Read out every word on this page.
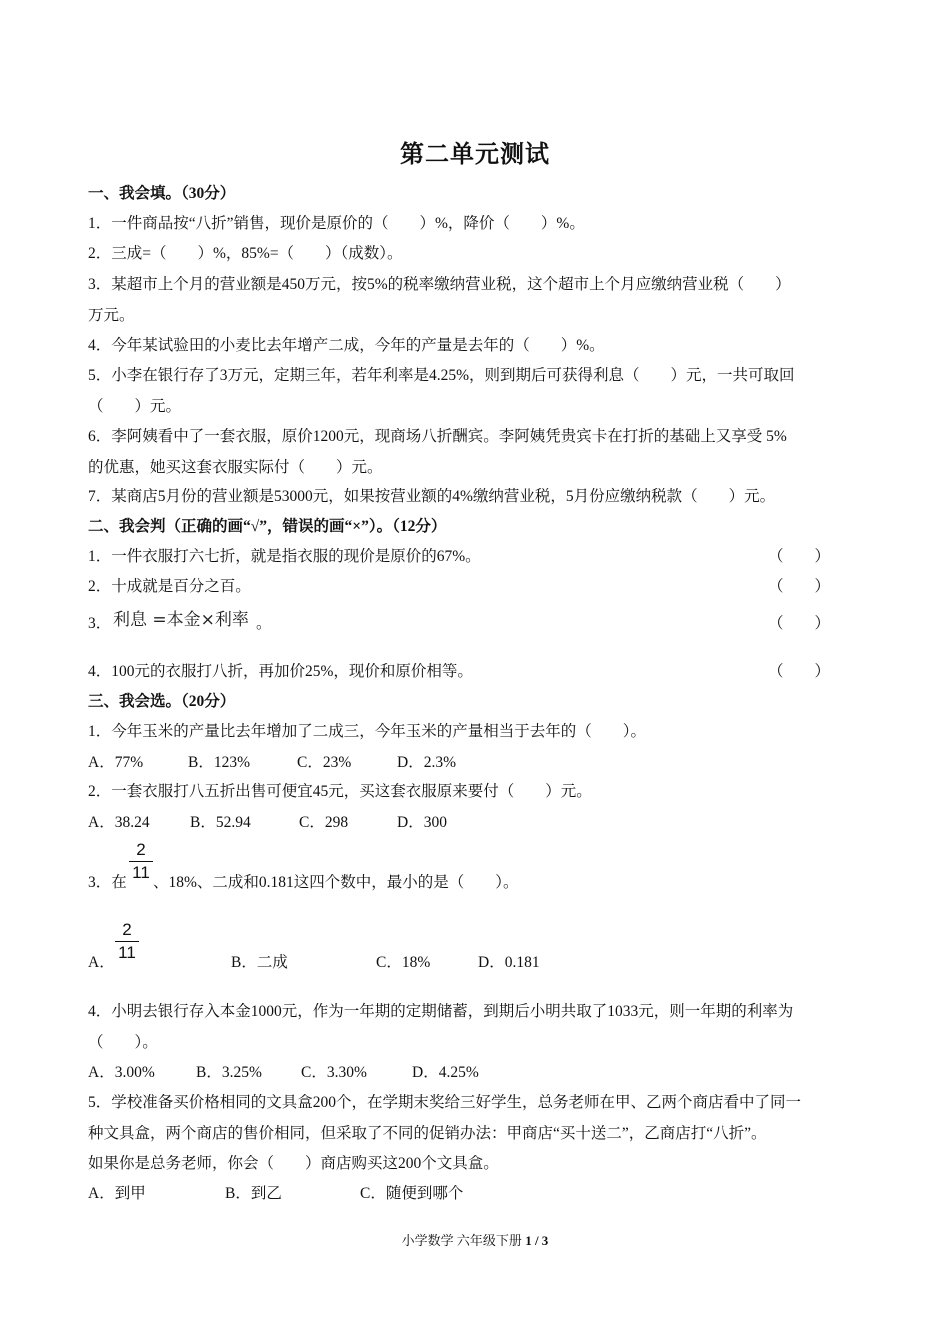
第二单元测试
一、我会填。（30分）
1．一件商品按“八折”销售，现价是原价的（　　）%，降价（　　）%。
2．三成=（　　）%，85%=（　　）（成数）。
3．某超市上个月的营业额是450万元，按5%的税率缴纳营业税，这个超市上个月应缴纳营业税（　　）
万元。
4．今年某试验田的小麦比去年增产二成，今年的产量是去年的（　　）%。
5．小李在银行存了3万元，定期三年，若年利率是4.25%，则到期后可获得利息（　　）元，一共可取回
（　　）元。
6．李阿姨看中了一套衣服，原价1200元，现商场八折酬宾。李阿姨凭贵宾卡在打折的基础上又享受 5%
的优惠，她买这套衣服实际付（　　）元。
7．某商店5月份的营业额是53000元，如果按营业额的4%缴纳营业税，5月份应缴纳税款（　　）元。
二、我会判（正确的画“√”，错误的画“×”）。（12分）
1．一件衣服打六七折，就是指衣服的现价是原价的67%。	（　　）
2．十成就是百分之百。	（　　）
3． 利息 =本金×利率 。	（　　）
4．100元的衣服打八折，再加价25%，现价和原价相等。	（　　）
三、我会选。（20分）
1．今年玉米的产量比去年增加了二成三，今年玉米的产量相当于去年的（　　）。
A．77%	B．123%	C．23%	D．2.3%
2．一套衣服打八五折出售可便宜45元，买这套衣服原来要付（　　）元。
A．38.24	B．52.94	C．298	D．300
3．在
2
11
、18%、二成和0.181这四个数中，最小的是（　　）。
A．
2
11
B．二成	C．18%	D．0.181
4．小明去银行存入本金1000元，作为一年期的定期储蓄，到期后小明共取了1033元，则一年期的利率为
（　　）。
A．3.00%	B．3.25%	C．3.30%	D．4.25%
5．学校准备买价格相同的文具盒200个，在学期末奖给三好学生，总务老师在甲、乙两个商店看中了同一
种文具盒，两个商店的售价相同，但采取了不同的促销办法：甲商店“买十送二”，乙商店打“八折”。
如果你是总务老师，你会（　　）商店购买这200个文具盒。
A．到甲	B．到乙	C．随便到哪个
小学数学 六年级下册 1 / 3
